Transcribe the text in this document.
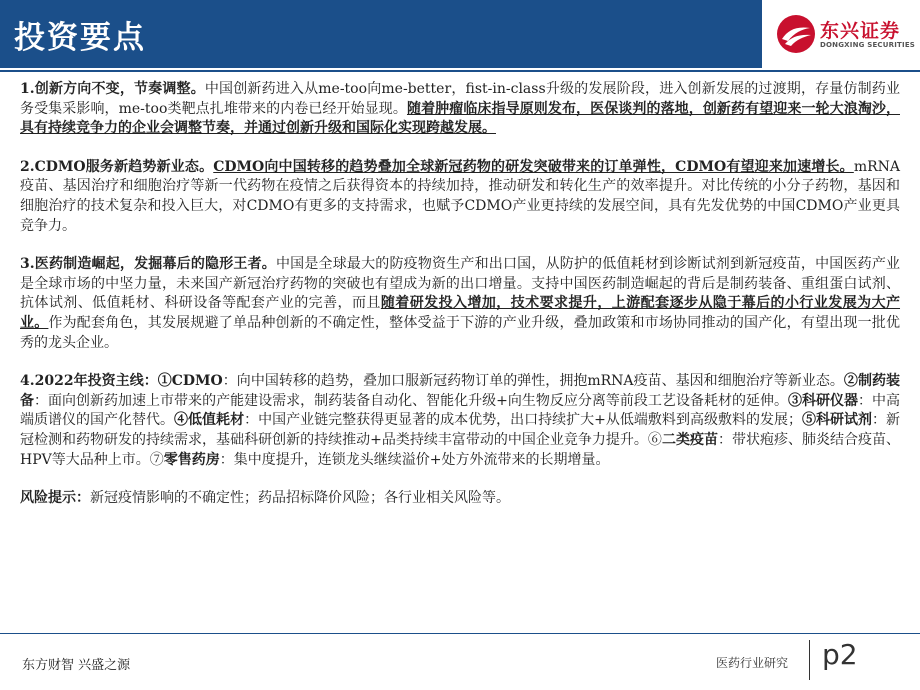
投资要点	东兴证券
DONGXING SECURITIES

1.创新方向不变，节奏调整。中国创新药进入从me-too向me-better，fist-in-class升级的发展阶段，进入创新发展的过渡期，存量仿制药业务受集采影响，me-too类靶点扎堆带来的内卷已经开始显现。随着肿瘤临床指导原则发布，医保谈判的落地，创新药有望迎来一轮大浪淘沙，具有持续竞争力的企业会调整节奏，并通过创新升级和国际化实现跨越发展。

2.CDMO服务新趋势新业态。CDMO向中国转移的趋势叠加全球新冠药物的研发突破带来的订单弹性，CDMO有望迎来加速增长。mRNA疫苗、基因治疗和细胞治疗等新一代药物在疫情之后获得资本的持续加持，推动研发和转化生产的效率提升。对比传统的小分子药物，基因和细胞治疗的技术复杂和投入巨大，对CDMO有更多的支持需求，也赋予CDMO产业更持续的发展空间，具有先发优势的中国CDMO产业更具竞争力。

3.医药制造崛起，发掘幕后的隐形王者。中国是全球最大的防疫物资生产和出口国，从防护的低值耗材到诊断试剂到新冠疫苗，中国医药产业是全球市场的中坚力量，未来国产新冠治疗药物的突破也有望成为新的出口增量。支持中国医药制造崛起的背后是制药装备、重组蛋白试剂、抗体试剂、低值耗材、科研设备等配套产业的完善，而且随着研发投入增加，技术要求提升，上游配套逐步从隐于幕后的小行业发展为大产业。作为配套角色，其发展规避了单品种创新的不确定性，整体受益于下游的产业升级，叠加政策和市场协同推动的国产化，有望出现一批优秀的龙头企业。

4.2022年投资主线：①CDMO：向中国转移的趋势，叠加口服新冠药物订单的弹性，拥抱mRNA疫苗、基因和细胞治疗等新业态。②制药装备：面向创新药加速上市带来的产能建设需求，制药装备自动化、智能化升级+向生物反应分离等前段工艺设备耗材的延伸。③科研仪器：中高端质谱仪的国产化替代。④低值耗材：中国产业链完整获得更显著的成本优势，出口持续扩大+从低端敷料到高级敷料的发展；⑤科研试剂：新冠检测和药物研发的持续需求，基础科研创新的持续推动+品类持续丰富带动的中国企业竞争力提升。⑥二类疫苗：带状疱疹、肺炎结合疫苗、HPV等大品种上市。⑦零售药房：集中度提升，连锁龙头继续溢价+处方外流带来的长期增量。

风险提示：新冠疫情影响的不确定性；药品招标降价风险；各行业相关风险等。

东方财智 兴盛之源	医药行业研究 p2
